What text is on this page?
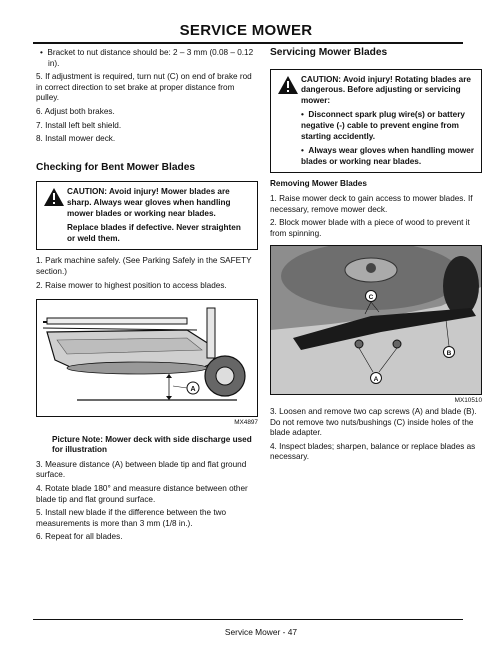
SERVICE MOWER

•  Bracket to nut distance should be: 2 – 3 mm (0.08 – 0.12 in).

5. If adjustment is required, turn nut (C) on end of brake rod in correct direction to set brake at proper distance from pulley.

6. Adjust both brakes.

7. Install left belt shield.

8. Install mower deck.

Checking for Bent Mower Blades
CAUTION: Avoid injury! Mower blades are sharp. Always wear gloves when handling mower blades or working near blades.
Replace blades if defective. Never straighten or weld them.

1. Park machine safely. (See Parking Safely in the SAFETY section.)

2. Raise mower to highest position to access blades.

A
MX4897

Picture Note: Mower deck with side discharge used for illustration

3. Measure distance (A) between blade tip and flat ground surface.

4. Rotate blade 180° and measure distance between other blade tip and flat ground surface.

5. Install new blade if the difference between the two measurements is more than 3 mm (1/8 in.).

6. Repeat for all blades.

Servicing Mower Blades
CAUTION: Avoid injury! Rotating blades are dangerous. Before adjusting or servicing mower:
•  Disconnect spark plug wire(s) or battery negative (-) cable to prevent engine from starting accidently.
•  Always wear gloves when handling mower blades or working near blades.
Removing Mower Blades

1. Raise mower deck to gain access to mower blades. If necessary, remove mower deck.

2. Block mower blade with a piece of wood to prevent it from spinning.

C
A
B
MX10510

3. Loosen and remove two cap screws (A) and blade (B). Do not remove two nuts/bushings (C) inside holes of the blade adapter.

4. Inspect blades; sharpen, balance or replace blades as necessary.

Service Mower - 47
